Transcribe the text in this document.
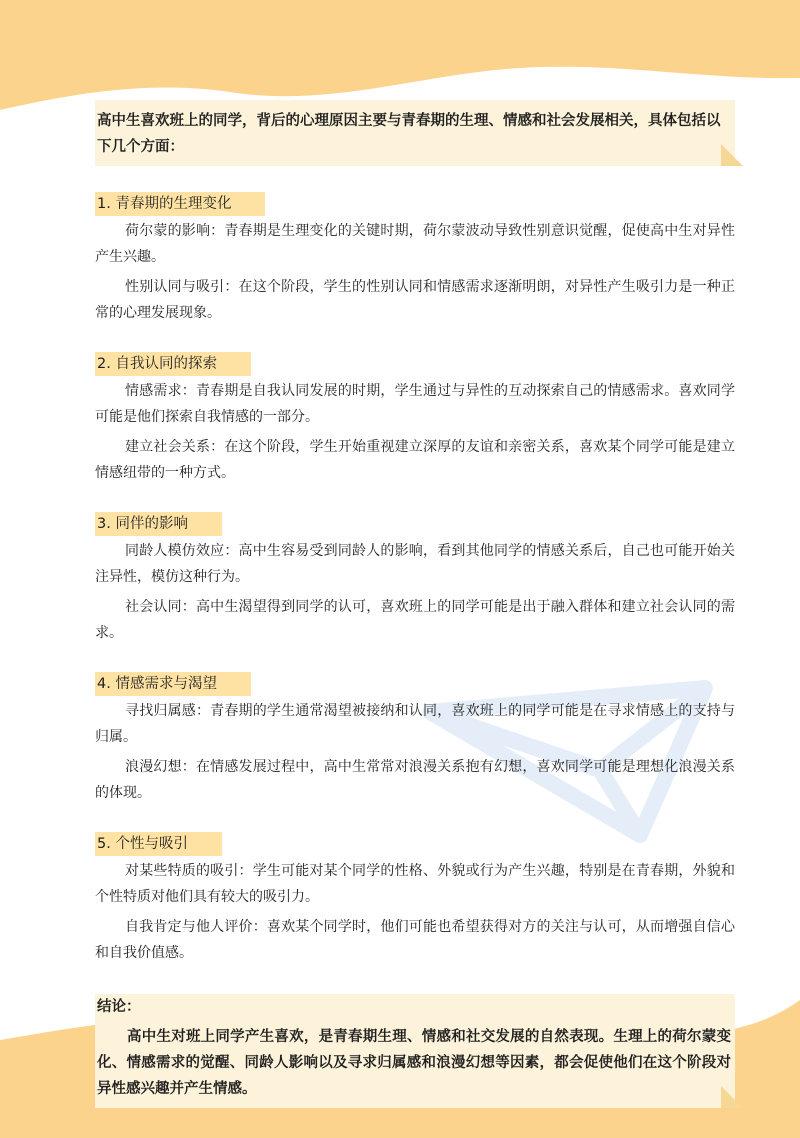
高中生喜欢班上的同学，背后的心理原因主要与青春期的生理、情感和社会发展相关，具体包括以下几个方面：
1. 青春期的生理变化

荷尔蒙的影响：青春期是生理变化的关键时期，荷尔蒙波动导致性别意识觉醒，促使高中生对异性产生兴趣。

性别认同与吸引：在这个阶段，学生的性别认同和情感需求逐渐明朗，对异性产生吸引力是一种正常的心理发展现象。

2. 自我认同的探索

情感需求：青春期是自我认同发展的时期，学生通过与异性的互动探索自己的情感需求。喜欢同学可能是他们探索自我情感的一部分。

建立社会关系：在这个阶段，学生开始重视建立深厚的友谊和亲密关系，喜欢某个同学可能是建立情感纽带的一种方式。

3. 同伴的影响

同龄人模仿效应：高中生容易受到同龄人的影响，看到其他同学的情感关系后，自己也可能开始关注异性，模仿这种行为。

社会认同：高中生渴望得到同学的认可，喜欢班上的同学可能是出于融入群体和建立社会认同的需求。

4. 情感需求与渴望

寻找归属感：青春期的学生通常渴望被接纳和认同，喜欢班上的同学可能是在寻求情感上的支持与归属。

浪漫幻想：在情感发展过程中，高中生常常对浪漫关系抱有幻想，喜欢同学可能是理想化浪漫关系的体现。

5. 个性与吸引

对某些特质的吸引：学生可能对某个同学的性格、外貌或行为产生兴趣，特别是在青春期，外貌和个性特质对他们具有较大的吸引力。

自我肯定与他人评价：喜欢某个同学时，他们可能也希望获得对方的关注与认可，从而增强自信心和自我价值感。

结论：

高中生对班上同学产生喜欢，是青春期生理、情感和社交发展的自然表现。生理上的荷尔蒙变化、情感需求的觉醒、同龄人影响以及寻求归属感和浪漫幻想等因素，都会促使他们在这个阶段对异性感兴趣并产生情感。
